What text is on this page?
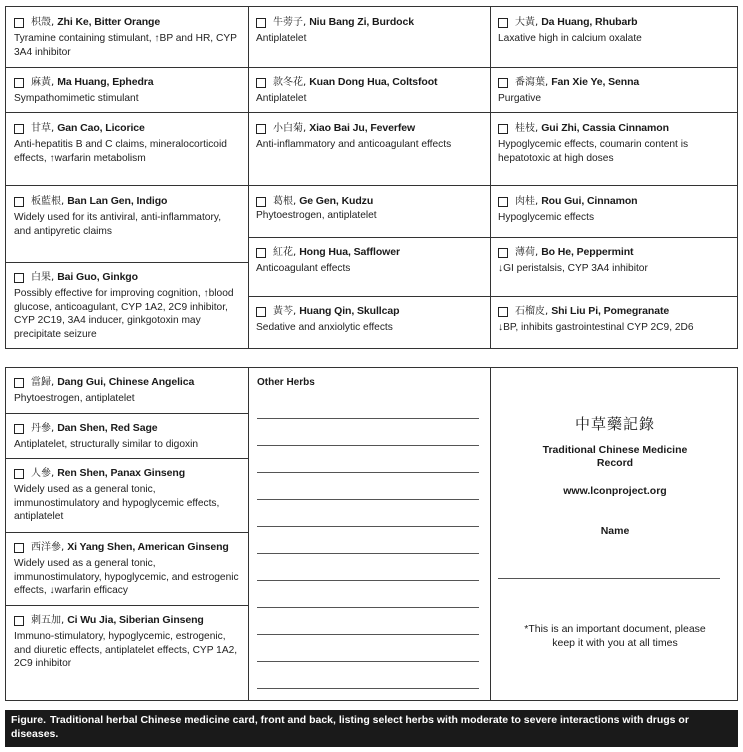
枳殼, Zhi Ke, Bitter Orange
Tyramine containing stimulant, ↑BP and HR, CYP 3A4 inhibitor
麻黃, Ma Huang, Ephedra
Sympathomimetic stimulant
甘草, Gan Cao, Licorice
Anti-hepatitis B and C claims, mineralocorticoid effects, ↑warfarin metabolism
板藍根, Ban Lan Gen, Indigo
Widely used for its antiviral, anti-inflammatory, and antipyretic claims
白果, Bai Guo, Ginkgo
Possibly effective for improving cognition, ↑blood glucose, anticoagulant, CYP 1A2, 2C9 inhibitor, CYP 2C19, 3A4 inducer, ginkgotoxin may precipitate seizure
牛蒡子, Niu Bang Zi, Burdock
Antiplatelet
款冬花, Kuan Dong Hua, Coltsfoot
Antiplatelet
小白菊, Xiao Bai Ju, Feverfew
Anti-inflammatory and anticoagulant effects
葛根, Ge Gen, Kudzu
Phytoestrogen, antiplatelet
紅花, Hong Hua, Safflower
Anticoagulant effects
黃芩, Huang Qin, Skullcap
Sedative and anxiolytic effects
大黃, Da Huang, Rhubarb
Laxative high in calcium oxalate
番瀉葉, Fan Xie Ye, Senna
Purgative
桂枝, Gui Zhi, Cassia Cinnamon
Hypoglycemic effects, coumarin content is hepatotoxic at high doses
肉桂, Rou Gui, Cinnamon
Hypoglycemic effects
薄荷, Bo He, Peppermint
↓GI peristalsis, CYP 3A4 inhibitor
石榴皮, Shi Liu Pi, Pomegranate
↓BP, inhibits gastrointestinal CYP 2C9, 2D6
當歸, Dang Gui, Chinese Angelica
Phytoestrogen, antiplatelet
丹參, Dan Shen, Red Sage
Antiplatelet, structurally similar to digoxin
人參, Ren Shen, Panax Ginseng
Widely used as a general tonic, immunostimulatory and hypoglycemic effects, antiplatelet
西洋參, Xi Yang Shen, American Ginseng
Widely used as a general tonic, immunostimulatory, hypoglycemic, and estrogenic effects, ↓warfarin efficacy
刺五加, Ci Wu Jia, Siberian Ginseng
Immuno-stimulatory, hypoglycemic, estrogenic, and diuretic effects, antiplatelet effects, CYP 1A2, 2C9 inhibitor
Other Herbs
中草藥記錄
Traditional Chinese Medicine Record
www.lconproject.org
Name
*This is an important document, please keep it with you at all times
Figure. Traditional herbal Chinese medicine card, front and back, listing select herbs with moderate to severe interactions with drugs or diseases.
